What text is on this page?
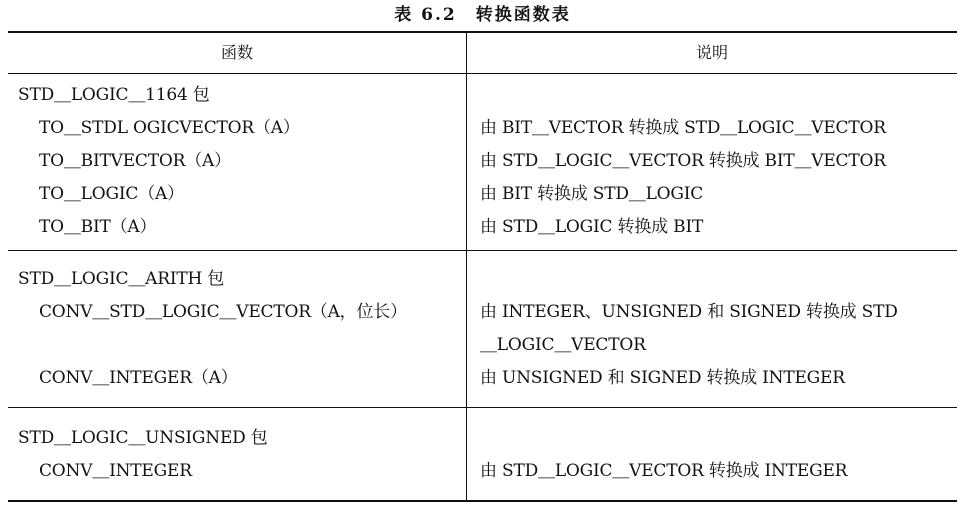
表 6.2　转换函数表
函数	说明
STD＿LOGIC＿1164 包
TO＿STDL OGICVECTOR（A）	由 BIT＿VECTOR 转换成 STD＿LOGIC＿VECTOR
TO＿BITVECTOR（A）	由 STD＿LOGIC＿VECTOR 转换成 BIT＿VECTOR
TO＿LOGIC（A）	由 BIT 转换成 STD＿LOGIC
TO＿BIT（A）	由 STD＿LOGIC 转换成 BIT
STD＿LOGIC＿ARITH 包
CONV＿STD＿LOGIC＿VECTOR（A，位长）	由 INTEGER、UNSIGNED 和 SIGNED 转换成 STD
＿LOGIC＿VECTOR
CONV＿INTEGER（A）	由 UNSIGNED 和 SIGNED 转换成 INTEGER
STD＿LOGIC＿UNSIGNED 包
CONV＿INTEGER	由 STD＿LOGIC＿VECTOR 转换成 INTEGER
